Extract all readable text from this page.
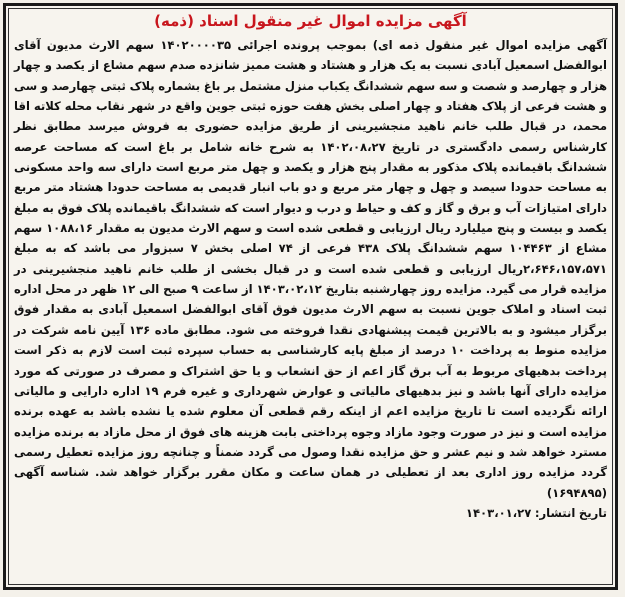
آگهی مزایده اموال غیر منقول اسناد (ذمه)

آگهی مزایده اموال غیر منقول ذمه ای) بموجب پرونده اجرائی ۱۴۰۲۰۰۰۰۳۵ سهم الارث مدیون آقای ابوالفضل اسمعیل آبادی نسبت به یک هزار و هشتاد و هشت ممیز شانزده صدم سهم مشاع از یکصد و چهار هزار و چهارصد و شصت و سه سهم ششدانگ یکباب منزل مشتمل بر باغ بشماره پلاک ثبتی چهارصد و سی و هشت فرعی از پلاک هفتاد و چهار اصلی بخش هفت حوزه ثبتی جوین واقع در شهر نقاب محله کلاته اقا محمد، در قبال طلب خانم ناهید منجشیرینی از طریق مزایده حضوری به فروش میرسد مطابق نظر کارشناس رسمی دادگستری در تاریخ ۱۴۰۲،۰۸،۲۷ به شرح خانه شامل بر باغ است که مساحت عرصه ششدانگ باقیمانده پلاک مذکور به مقدار پنج هزار و یکصد و چهل متر مربع است دارای سه واحد مسکونی به مساحت حدودا سیصد و چهل و چهار متر مربع و دو باب انبار قدیمی به مساحت حدودا هشتاد متر مربع دارای امتیازات آب و برق و گاز و کف و حیاط و درب و دیوار است که ششدانگ باقیمانده پلاک فوق به مبلغ یکصد و بیست و پنج میلیارد ریال ارزیابی و قطعی شده است و سهم الارث مدیون به مقدار ۱۰۸۸،۱۶ سهم مشاع از ۱۰۴۴۶۳ سهم ششدانگ پلاک ۴۳۸ فرعی از ۷۴ اصلی بخش ۷ سبزوار می باشد که به مبلغ ۲،۶۴۶،۱۵۷،۵۷۱ریال ارزیابی و قطعی شده است و در قبال بخشی از طلب خانم ناهید منجشیرینی در مزایده قرار می گیرد. مزایده روز چهارشنبه بتاریخ ۱۴۰۳،۰۲،۱۲ از ساعت ۹ صبح الی ۱۲ ظهر در محل اداره ثبت اسناد و املاک جوین نسبت به سهم الارث مدیون فوق آقای ابوالفضل اسمعیل آبادی به مقدار فوق برگزار میشود و به بالاترین قیمت پیشنهادی نقدا فروخته می شود. مطابق ماده ۱۳۶ آیین نامه شرکت در مزایده منوط به پرداخت ۱۰ درصد از مبلغ پایه کارشناسی به حساب سپرده ثبت است لازم به ذکر است پرداخت بدهیهای مربوط به آب برق گاز اعم از حق انشعاب و یا حق اشتراک و مصرف در صورتی که مورد مزایده دارای آنها باشد و نیز بدهیهای مالیاتی و عوارض شهرداری و غیره فرم ۱۹ اداره دارایی و مالیاتی ارائه نگردیده است تا تاریخ مزایده اعم از اینکه رقم قطعی آن معلوم شده یا نشده باشد به عهده برنده مزایده است و نیز در صورت وجود مازاد وجوه پرداختی بابت هزینه های فوق از محل مازاد به برنده مزایده مسترد خواهد شد و نیم عشر و حق مزایده نقدا وصول می گردد ضمناً و چنانچه روز مزایده تعطیل رسمی گردد مزایده روز اداری بعد از تعطیلی در همان ساعت و مکان مقرر برگزار خواهد شد. شناسه آگهی (۱۶۹۴۸۹۵)

تاریخ انتشار: ۱۴۰۳،۰۱،۲۷
